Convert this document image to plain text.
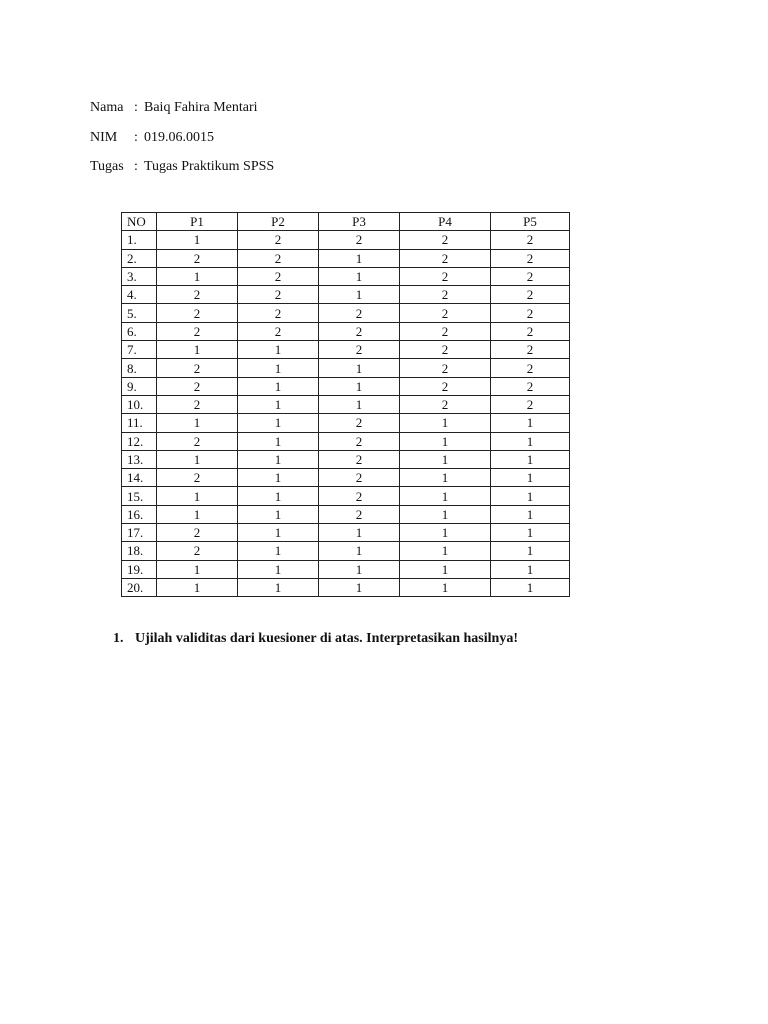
Nama : Baiq Fahira Mentari
NIM : 019.06.0015
Tugas : Tugas Praktikum SPSS
NO	P1	P2	P3	P4	P5
1.	1	2	2	2	2
2.	2	2	1	2	2
3.	1	2	1	2	2
4.	2	2	1	2	2
5.	2	2	2	2	2
6.	2	2	2	2	2
7.	1	1	2	2	2
8.	2	1	1	2	2
9.	2	1	1	2	2
10.	2	1	1	2	2
11.	1	1	2	1	1
12.	2	1	2	1	1
13.	1	1	2	1	1
14.	2	1	2	1	1
15.	1	1	2	1	1
16.	1	1	2	1	1
17.	2	1	1	1	1
18.	2	1	1	1	1
19.	1	1	1	1	1
20.	1	1	1	1	1
1. Ujilah validitas dari kuesioner di atas. Interpretasikan hasilnya!
